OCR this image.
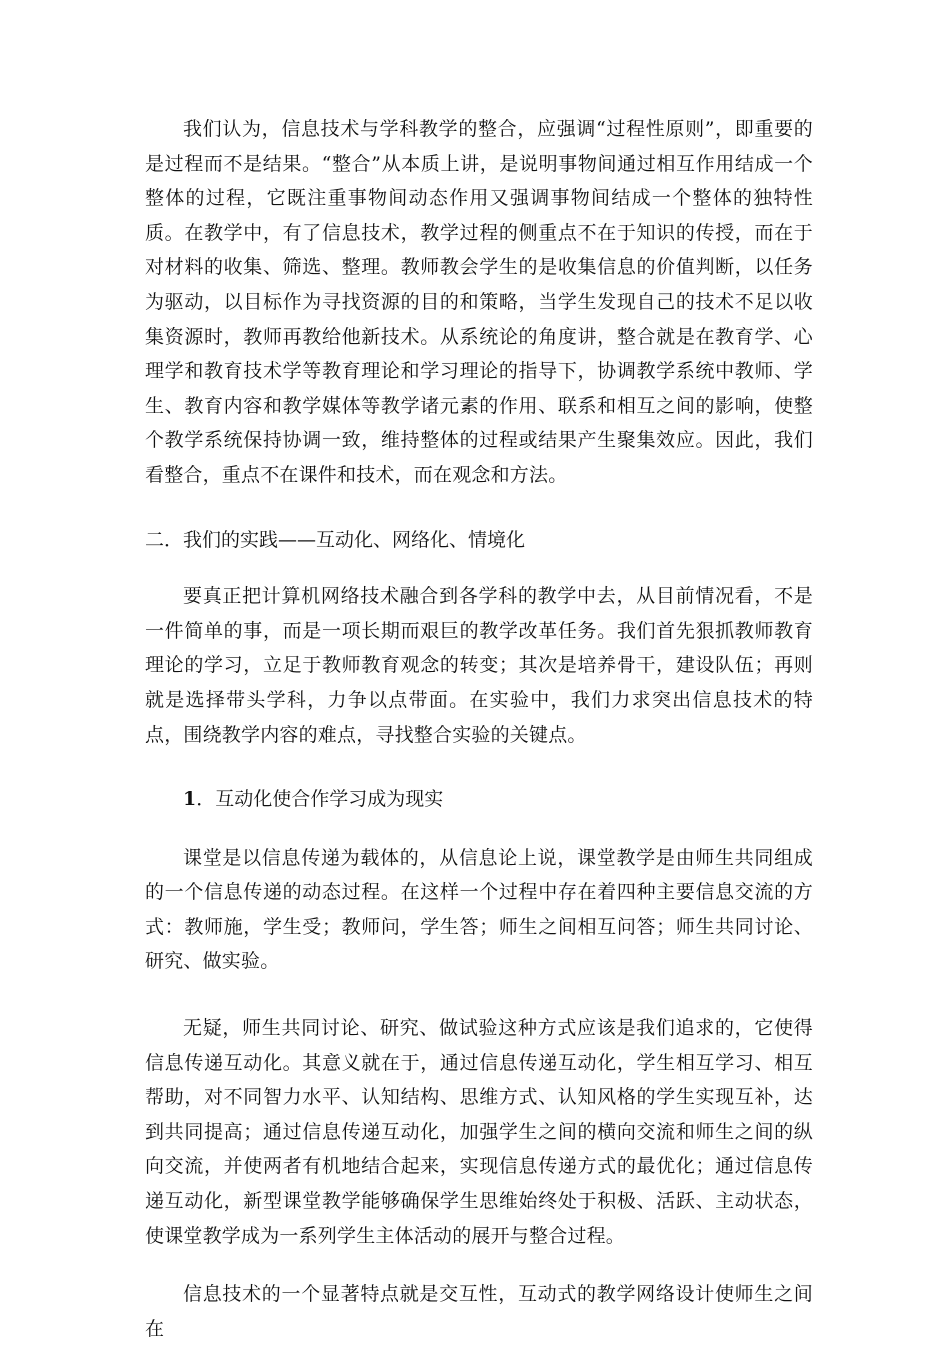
我们认为，信息技术与学科教学的整合，应强调“过程性原则”，即重要的是过程而不是结果。“整合”从本质上讲，是说明事物间通过相互作用结成一个整体的过程，它既注重事物间动态作用又强调事物间结成一个整体的独特性质。在教学中，有了信息技术，教学过程的侧重点不在于知识的传授，而在于对材料的收集、筛选、整理。教师教会学生的是收集信息的价值判断，以任务为驱动，以目标作为寻找资源的目的和策略，当学生发现自己的技术不足以收集资源时，教师再教给他新技术。从系统论的角度讲，整合就是在教育学、心理学和教育技术学等教育理论和学习理论的指导下，协调教学系统中教师、学生、教育内容和教学媒体等教学诸元素的作用、联系和相互之间的影响，使整个教学系统保持协调一致，维持整体的过程或结果产生聚集效应。因此，我们看整合，重点不在课件和技术，而在观念和方法。

二．我们的实践——互动化、网络化、情境化

要真正把计算机网络技术融合到各学科的教学中去，从目前情况看，不是一件简单的事，而是一项长期而艰巨的教学改革任务。我们首先狠抓教师教育理论的学习，立足于教师教育观念的转变；其次是培养骨干，建设队伍；再则就是选择带头学科，力争以点带面。在实验中，我们力求突出信息技术的特点，围绕教学内容的难点，寻找整合实验的关键点。

1．互动化使合作学习成为现实

课堂是以信息传递为载体的，从信息论上说，课堂教学是由师生共同组成的一个信息传递的动态过程。在这样一个过程中存在着四种主要信息交流的方式：教师施，学生受；教师问，学生答；师生之间相互问答；师生共同讨论、研究、做实验。

无疑，师生共同讨论、研究、做试验这种方式应该是我们追求的，它使得信息传递互动化。其意义就在于，通过信息传递互动化，学生相互学习、相互帮助，对不同智力水平、认知结构、思维方式、认知风格的学生实现互补，达到共同提高；通过信息传递互动化，加强学生之间的横向交流和师生之间的纵向交流，并使两者有机地结合起来，实现信息传递方式的最优化；通过信息传递互动化，新型课堂教学能够确保学生思维始终处于积极、活跃、主动状态，使课堂教学成为一系列学生主体活动的展开与整合过程。

信息技术的一个显著特点就是交互性，互动式的教学网络设计使师生之间在
